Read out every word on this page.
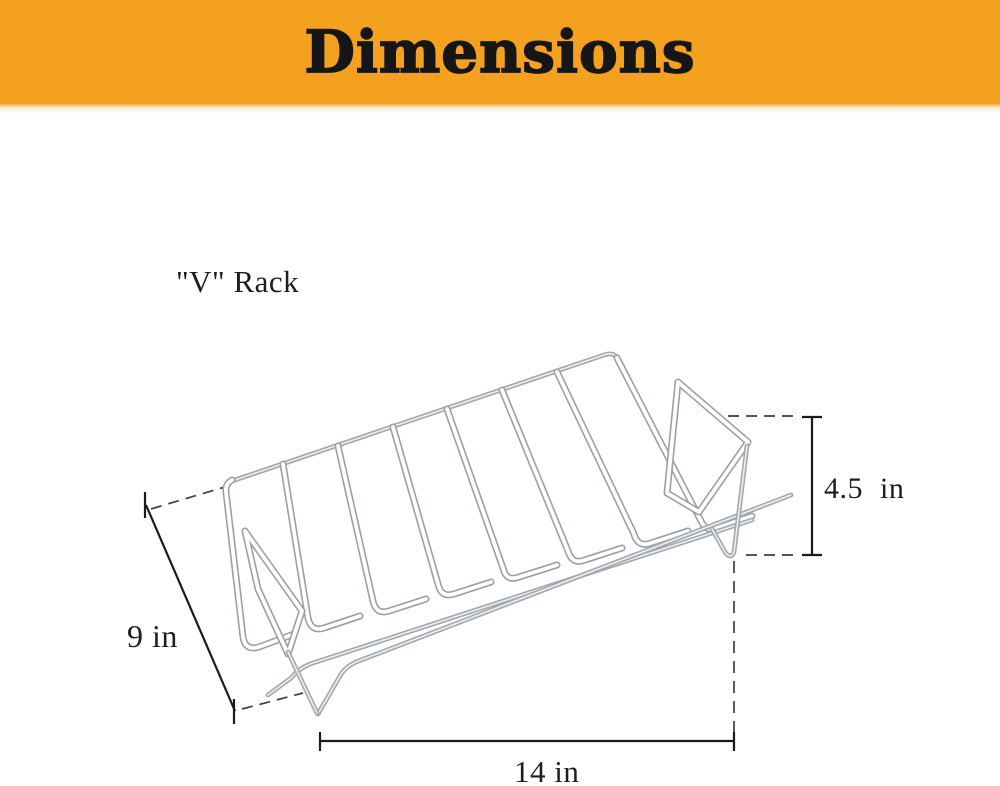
Dimensions
"V" Rack
9 in
4.5 in
14 in
